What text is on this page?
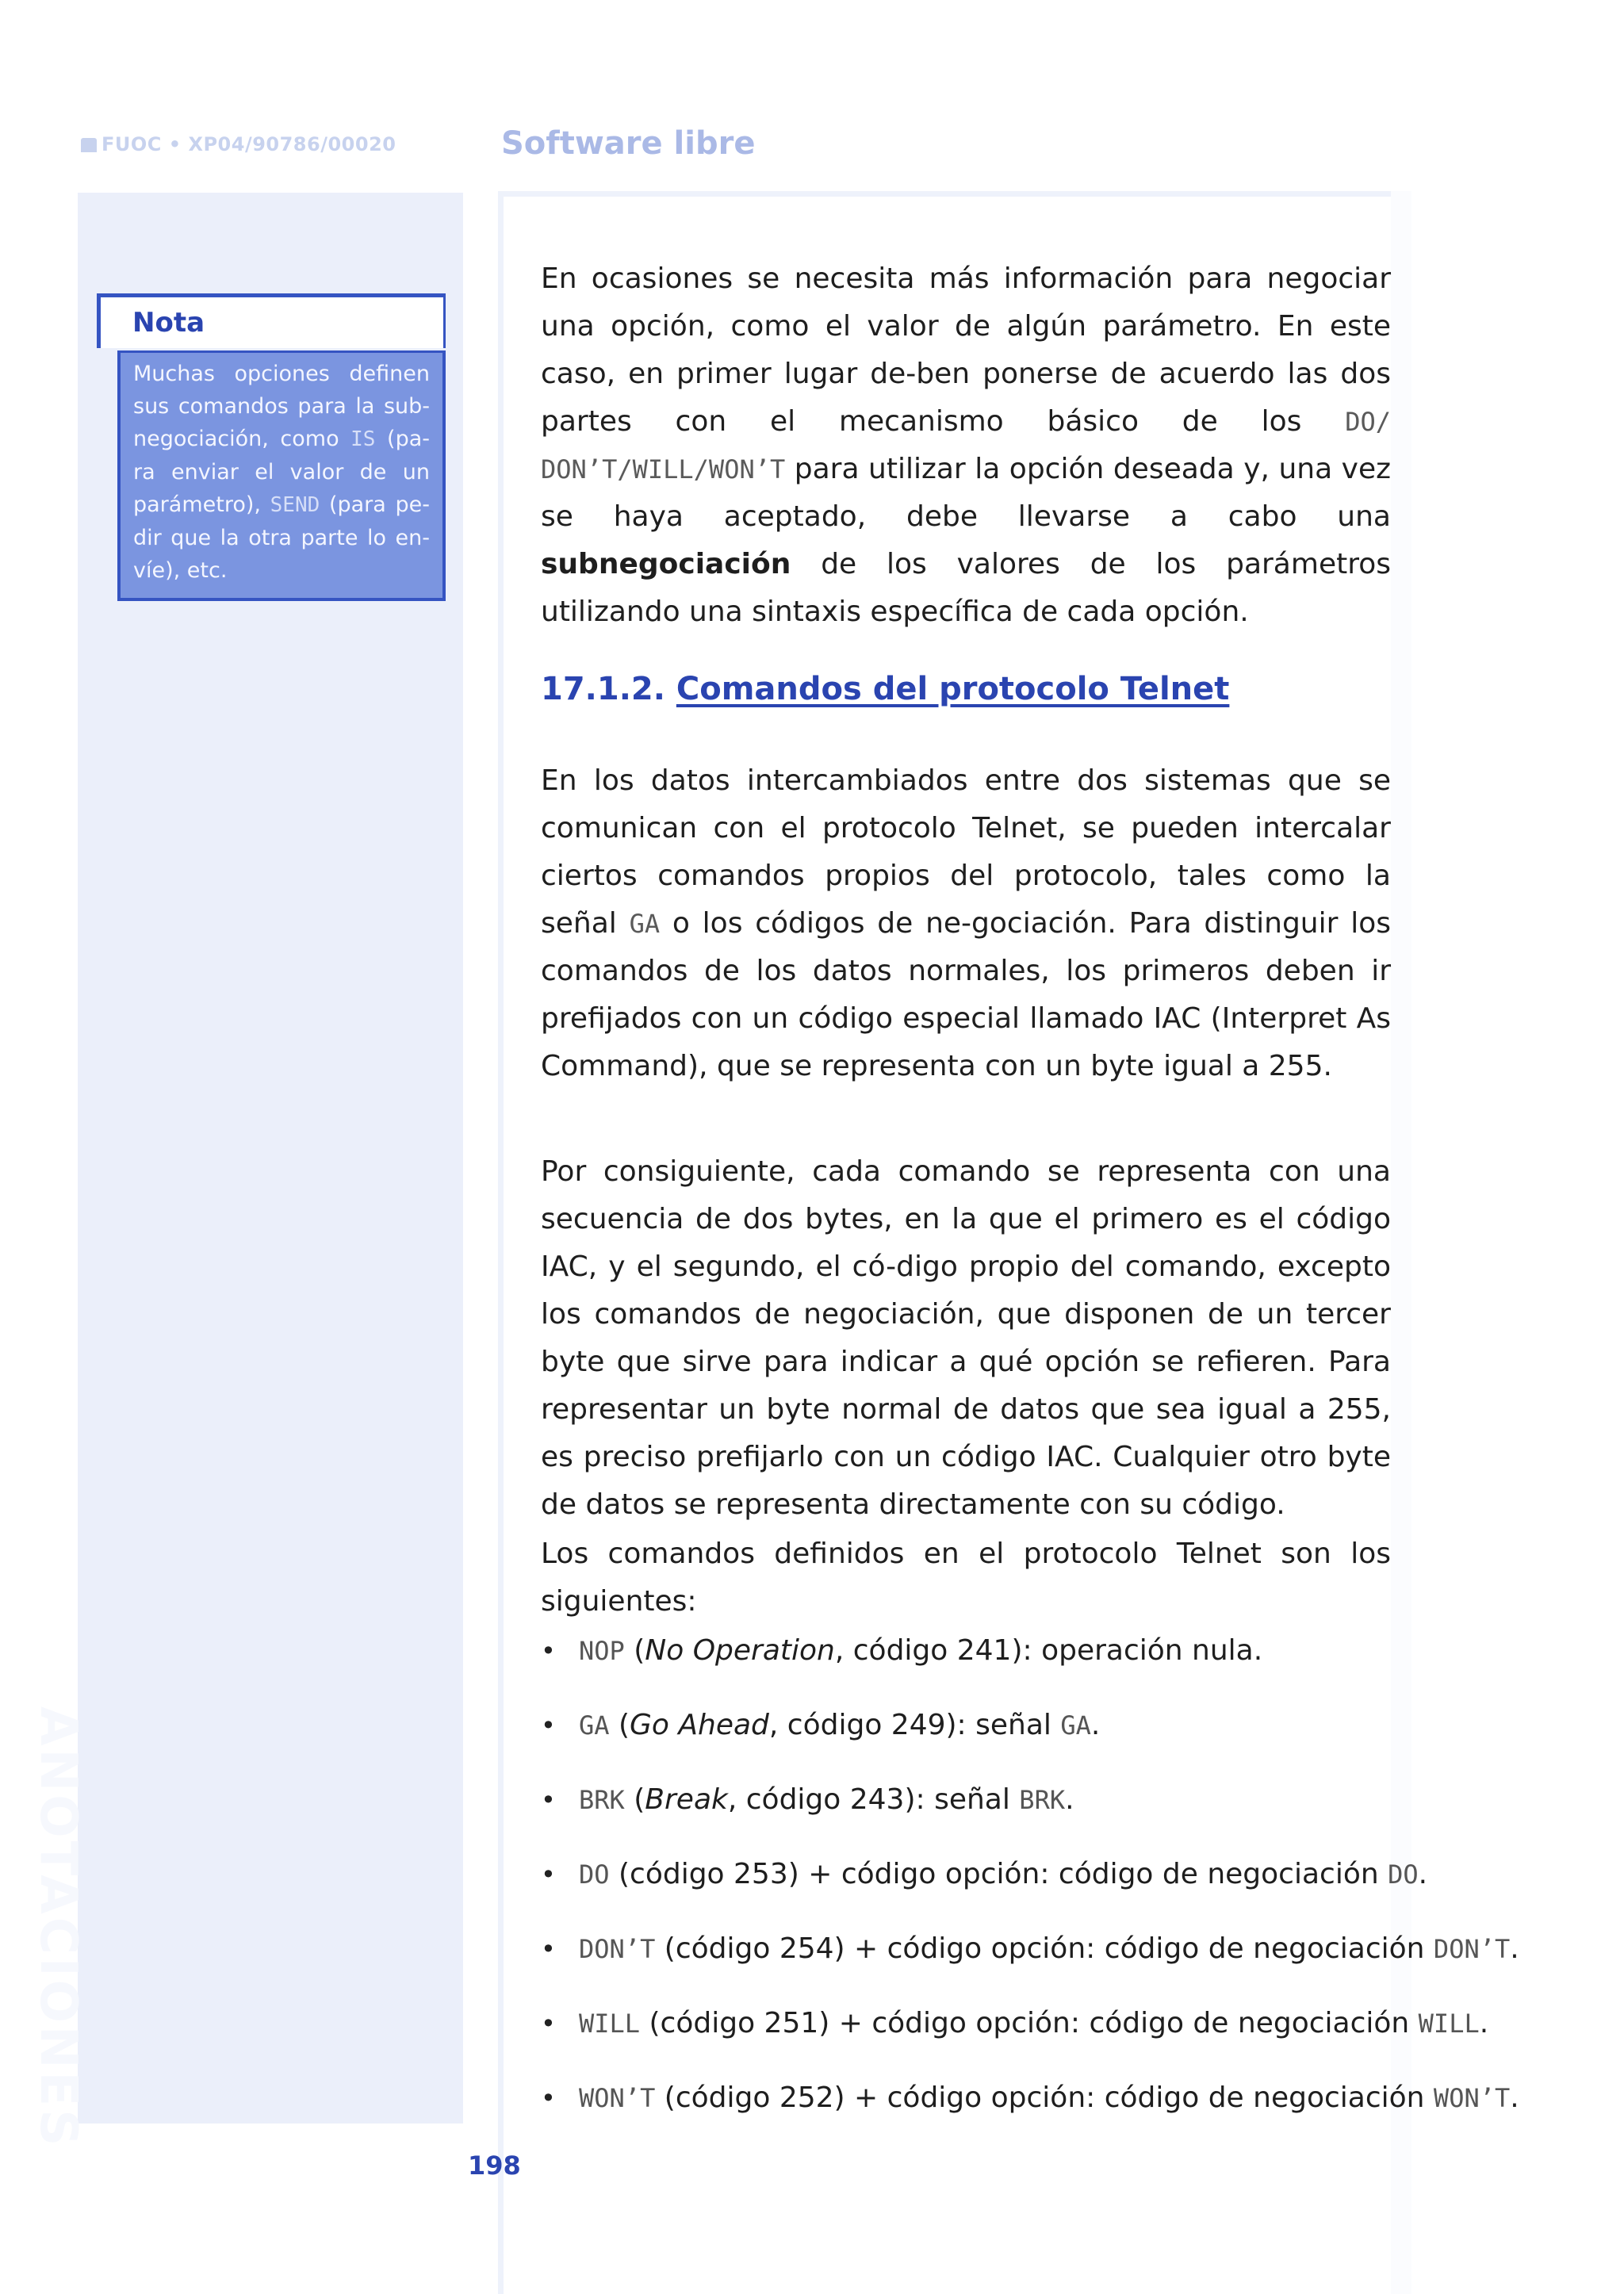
FUOC • XP04/90786/00020	Software libre
ANOTACIONES
Nota
Muchas opciones definen sus comandos para la sub-negociación, como IS (pa-ra enviar el valor de un parámetro), SEND (para pe-dir que la otra parte lo en-víe), etc.
En ocasiones se necesita más información para negociar una opción, como el valor de algún parámetro. En este caso, en primer lugar de-ben ponerse de acuerdo las dos partes con el mecanismo básico de los DO/ DON’T/WILL/WON’T para utilizar la opción deseada y, una vez se haya aceptado, debe llevarse a cabo una subnegociación de los valores de los parámetros utilizando una sintaxis específica de cada opción.
17.1.2. Comandos del protocolo Telnet
En los datos intercambiados entre dos sistemas que se comunican con el protocolo Telnet, se pueden intercalar ciertos comandos propios del protocolo, tales como la señal GA o los códigos de ne-gociación. Para distinguir los comandos de los datos normales, los primeros deben ir prefijados con un código especial llamado IAC (Interpret As Command), que se representa con un byte igual a 255.
Por consiguiente, cada comando se representa con una secuencia de dos bytes, en la que el primero es el código IAC, y el segundo, el có-digo propio del comando, excepto los comandos de negociación, que disponen de un tercer byte que sirve para indicar a qué opción se refieren. Para representar un byte normal de datos que sea igual a 255, es preciso prefijarlo con un código IAC. Cualquier otro byte de datos se representa directamente con su código.
Los comandos definidos en el protocolo Telnet son los siguientes:
• NOP (No Operation, código 241): operación nula.
• GA (Go Ahead, código 249): señal GA.
• BRK (Break, código 243): señal BRK.
• DO (código 253) + código opción: código de negociación DO.
• DON’T (código 254) + código opción: código de negociación DON’T.
• WILL (código 251) + código opción: código de negociación WILL.
• WON’T (código 252) + código opción: código de negociación WON’T.
198
